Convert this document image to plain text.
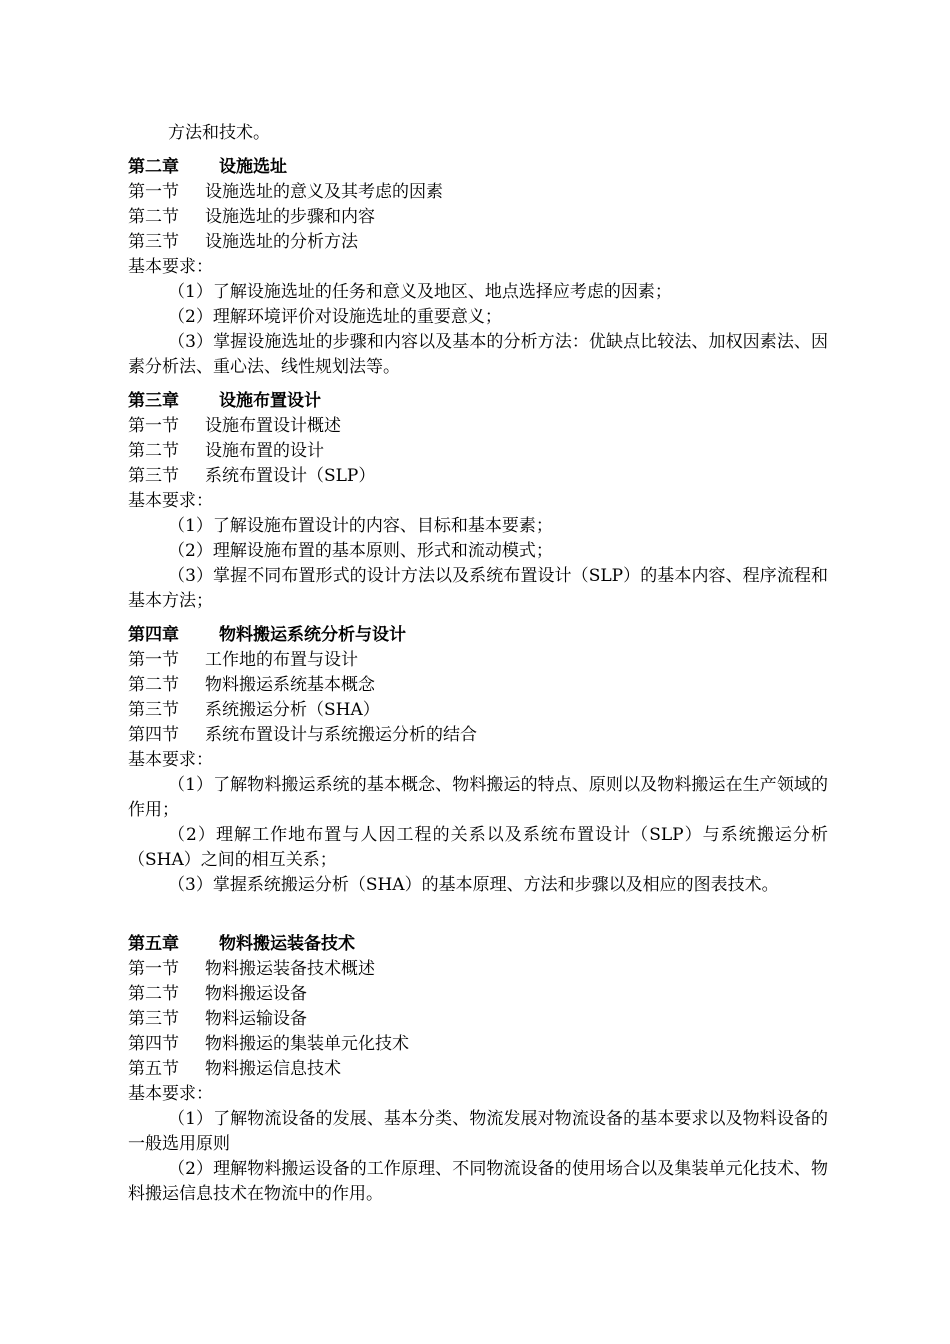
方法和技术。
第二章 设施选址
第一节 设施选址的意义及其考虑的因素
第二节 设施选址的步骤和内容
第三节 设施选址的分析方法
基本要求：
（1）了解设施选址的任务和意义及地区、地点选择应考虑的因素；
（2）理解环境评价对设施选址的重要意义；
（3）掌握设施选址的步骤和内容以及基本的分析方法：优缺点比较法、加权因素法、因素分析法、重心法、线性规划法等。
第三章 设施布置设计
第一节 设施布置设计概述
第二节 设施布置的设计
第三节 系统布置设计（SLP）
基本要求：
（1）了解设施布置设计的内容、目标和基本要素；
（2）理解设施布置的基本原则、形式和流动模式；
（3）掌握不同布置形式的设计方法以及系统布置设计（SLP）的基本内容、程序流程和基本方法；
第四章 物料搬运系统分析与设计
第一节 工作地的布置与设计
第二节 物料搬运系统基本概念
第三节 系统搬运分析（SHA）
第四节 系统布置设计与系统搬运分析的结合
基本要求：
（1）了解物料搬运系统的基本概念、物料搬运的特点、原则以及物料搬运在生产领域的作用；
（2）理解工作地布置与人因工程的关系以及系统布置设计（SLP）与系统搬运分析（SHA）之间的相互关系；
（3）掌握系统搬运分析（SHA）的基本原理、方法和步骤以及相应的图表技术。
第五章 物料搬运装备技术
第一节 物料搬运装备技术概述
第二节 物料搬运设备
第三节 物料运输设备
第四节 物料搬运的集装单元化技术
第五节 物料搬运信息技术
基本要求：
（1）了解物流设备的发展、基本分类、物流发展对物流设备的基本要求以及物料设备的一般选用原则
（2）理解物料搬运设备的工作原理、不同物流设备的使用场合以及集装单元化技术、物料搬运信息技术在物流中的作用。
